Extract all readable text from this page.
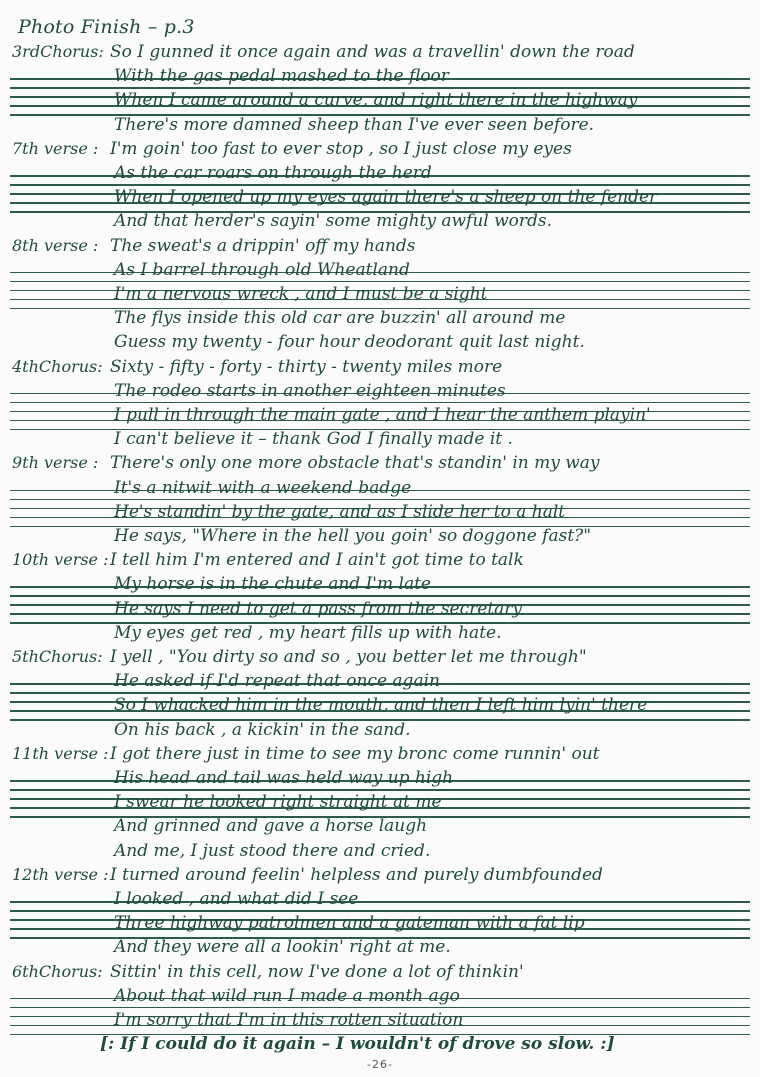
Photo Finish – p.3
3rdChorus: So I gunned it once again and was a travellin' down the road
With the gas pedal mashed to the floor
When I came around a curve, and right there in the highway
There's more damned sheep than I've ever seen before.
7th verse : I'm goin' too fast to ever stop , so I just close my eyes
As the car roars on through the herd
When I opened up my eyes again there's a sheep on the fender
And that herder's sayin' some mighty awful words.
8th verse : The sweat's a drippin' off my hands
As I barrel through old Wheatland
I'm a nervous wreck , and I must be a sight
The flys inside this old car are buzzin' all around me
Guess my twenty - four hour deodorant quit last night.
4thChorus: Sixty - fifty - forty - thirty - twenty miles more
The rodeo starts in another eighteen minutes
I pull in through the main gate , and I hear the anthem playin'
I can't believe it – thank God I finally made it .
9th verse : There's only one more obstacle that's standin' in my way
It's a nitwit with a weekend badge
He's standin' by the gate, and as I slide her to a halt
He says, "Where in the hell you goin' so doggone fast?"
10th verse : I tell him I'm entered and I ain't got time to talk
My horse is in the chute and I'm late
He says I need to get a pass from the secretary
My eyes get red , my heart fills up with hate.
5thChorus: I yell , "You dirty so and so , you better let me through"
He asked if I'd repeat that once again
So I whacked him in the mouth, and then I left him lyin' there
On his back , a kickin' in the sand.
11th verse : I got there just in time to see my bronc come runnin' out
His head and tail was held way up high
I swear he looked right straight at me
And grinned and gave a horse laugh
And me, I just stood there and cried.
12th verse : I turned around feelin' helpless and purely dumbfounded
I looked , and what did I see
Three highway patrolmen and a gateman with a fat lip
And they were all a lookin' right at me.
6thChorus: Sittin' in this cell, now I've done a lot of thinkin'
About that wild run I made a month ago
I'm sorry that I'm in this rotten situation
[: If I could do it again – I wouldn't of drove so slow. :]
-26-
